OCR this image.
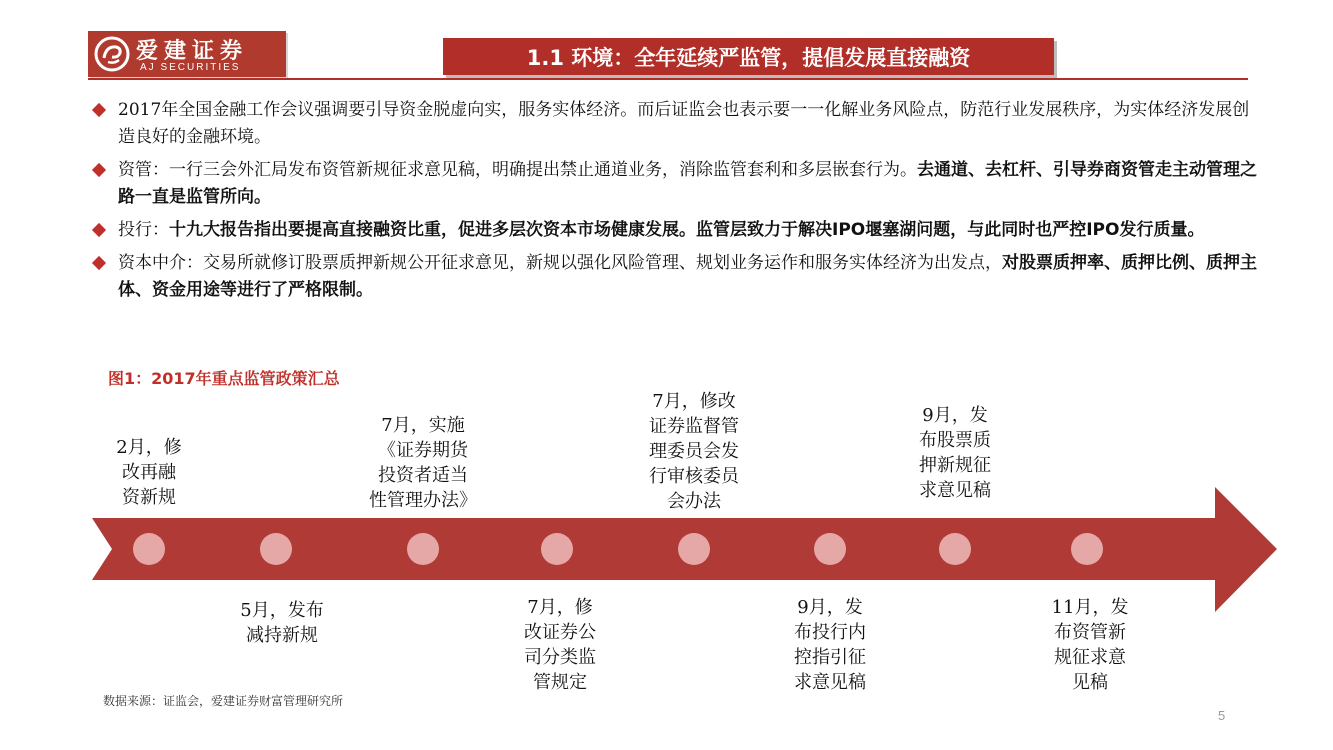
爱建证券
AJ SECURITIES	1.1 环境：全年延续严监管，提倡发展直接融资
2017年全国金融工作会议强调要引导资金脱虚向实，服务实体经济。而后证监会也表示要一一化解业务风险点，防范行业发展秩序，为实体经济发展创造良好的金融环境。
资管：一行三会外汇局发布资管新规征求意见稿，明确提出禁止通道业务，消除监管套利和多层嵌套行为。去通道、去杠杆、引导券商资管走主动管理之路一直是监管所向。
投行：十九大报告指出要提高直接融资比重，促进多层次资本市场健康发展。监管层致力于解决IPO堰塞湖问题，与此同时也严控IPO发行质量。
资本中介：交易所就修订股票质押新规公开征求意见，新规以强化风险管理、规划业务运作和服务实体经济为出发点，对股票质押率、质押比例、质押主体、资金用途等进行了严格限制。
图1：2017年重点监管政策汇总
2月，修
改再融
资新规
7月，实施
《证券期货
投资者适当
性管理办法》
7月，修改
证券监督管
理委员会发
行审核委员
会办法
9月，发
布股票质
押新规征
求意见稿
5月，发布
减持新规
7月，修
改证券公
司分类监
管规定
9月，发
布投行内
控指引征
求意见稿
11月，发
布资管新
规征求意
见稿
数据来源：证监会，爱建证券财富管理研究所
5
